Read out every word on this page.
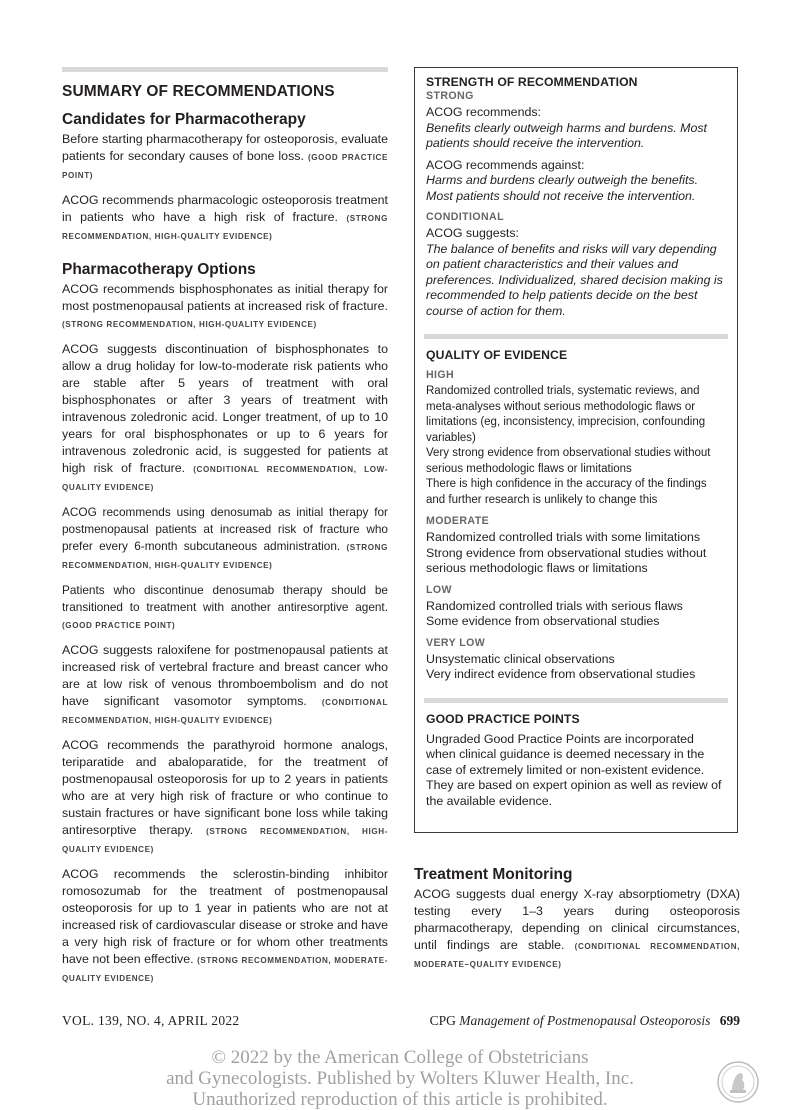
SUMMARY OF RECOMMENDATIONS
Candidates for Pharmacotherapy

Before starting pharmacotherapy for osteoporosis, evaluate patients for secondary causes of bone loss. (GOOD PRACTICE POINT)

ACOG recommends pharmacologic osteoporosis treatment in patients who have a high risk of fracture. (STRONG RECOMMENDATION, HIGH-QUALITY EVIDENCE)

Pharmacotherapy Options

ACOG recommends bisphosphonates as initial therapy for most postmenopausal patients at increased risk of fracture. (STRONG RECOMMENDATION, HIGH-QUALITY EVIDENCE)

ACOG suggests discontinuation of bisphosphonates to allow a drug holiday for low-to-moderate risk patients who are stable after 5 years of treatment with oral bisphosphonates or after 3 years of treatment with intravenous zoledronic acid. Longer treatment, of up to 10 years for oral bisphosphonates or up to 6 years for intravenous zoledronic acid, is suggested for patients at high risk of fracture. (CONDITIONAL RECOMMENDATION, LOW-QUALITY EVIDENCE)

ACOG recommends using denosumab as initial therapy for postmenopausal patients at increased risk of fracture who prefer every 6-month subcutaneous administration. (STRONG RECOMMENDATION, HIGH-QUALITY EVIDENCE)

Patients who discontinue denosumab therapy should be transitioned to treatment with another antiresorptive agent. (GOOD PRACTICE POINT)

ACOG suggests raloxifene for postmenopausal patients at increased risk of vertebral fracture and breast cancer who are at low risk of venous thromboembolism and do not have significant vasomotor symptoms. (CONDITIONAL RECOMMENDATION, HIGH-QUALITY EVIDENCE)

ACOG recommends the parathyroid hormone analogs, teriparatide and abaloparatide, for the treatment of postmenopausal osteoporosis for up to 2 years in patients who are at very high risk of fracture or who continue to sustain fractures or have significant bone loss while taking antiresorptive therapy. (STRONG RECOMMENDATION, HIGH-QUALITY EVIDENCE)

ACOG recommends the sclerostin-binding inhibitor romosozumab for the treatment of postmenopausal osteoporosis for up to 1 year in patients who are not at increased risk of cardiovascular disease or stroke and have a very high risk of fracture or for whom other treatments have not been effective. (STRONG RECOMMENDATION, MODERATE-QUALITY EVIDENCE)

STRENGTH OF RECOMMENDATION

STRONG

ACOG recommends:

Benefits clearly outweigh harms and burdens. Most patients should receive the intervention.

ACOG recommends against:

Harms and burdens clearly outweigh the benefits. Most patients should not receive the intervention.

CONDITIONAL

ACOG suggests:

The balance of benefits and risks will vary depending on patient characteristics and their values and preferences. Individualized, shared decision making is recommended to help patients decide on the best course of action for them.

QUALITY OF EVIDENCE

HIGH

Randomized controlled trials, systematic reviews, and meta-analyses without serious methodologic flaws or limitations (eg, inconsistency, imprecision, confounding variables)

Very strong evidence from observational studies without serious methodologic flaws or limitations

There is high confidence in the accuracy of the findings and further research is unlikely to change this

MODERATE

Randomized controlled trials with some limitations

Strong evidence from observational studies without serious methodologic flaws or limitations

LOW

Randomized controlled trials with serious flaws

Some evidence from observational studies

VERY LOW

Unsystematic clinical observations

Very indirect evidence from observational studies

GOOD PRACTICE POINTS

Ungraded Good Practice Points are incorporated when clinical guidance is deemed necessary in the case of extremely limited or non-existent evidence. They are based on expert opinion as well as review of the available evidence.

Treatment Monitoring

ACOG suggests dual energy X-ray absorptiometry (DXA) testing every 1–3 years during osteoporosis pharmacotherapy, depending on clinical circumstances, until findings are stable. (CONDITIONAL RECOMMENDATION, MODERATE–QUALITY EVIDENCE)

VOL. 139, NO. 4, APRIL 2022	CPG Management of Postmenopausal Osteoporosis 699
© 2022 by the American College of Obstetricians
and Gynecologists. Published by Wolters Kluwer Health, Inc.
Unauthorized reproduction of this article is prohibited.
